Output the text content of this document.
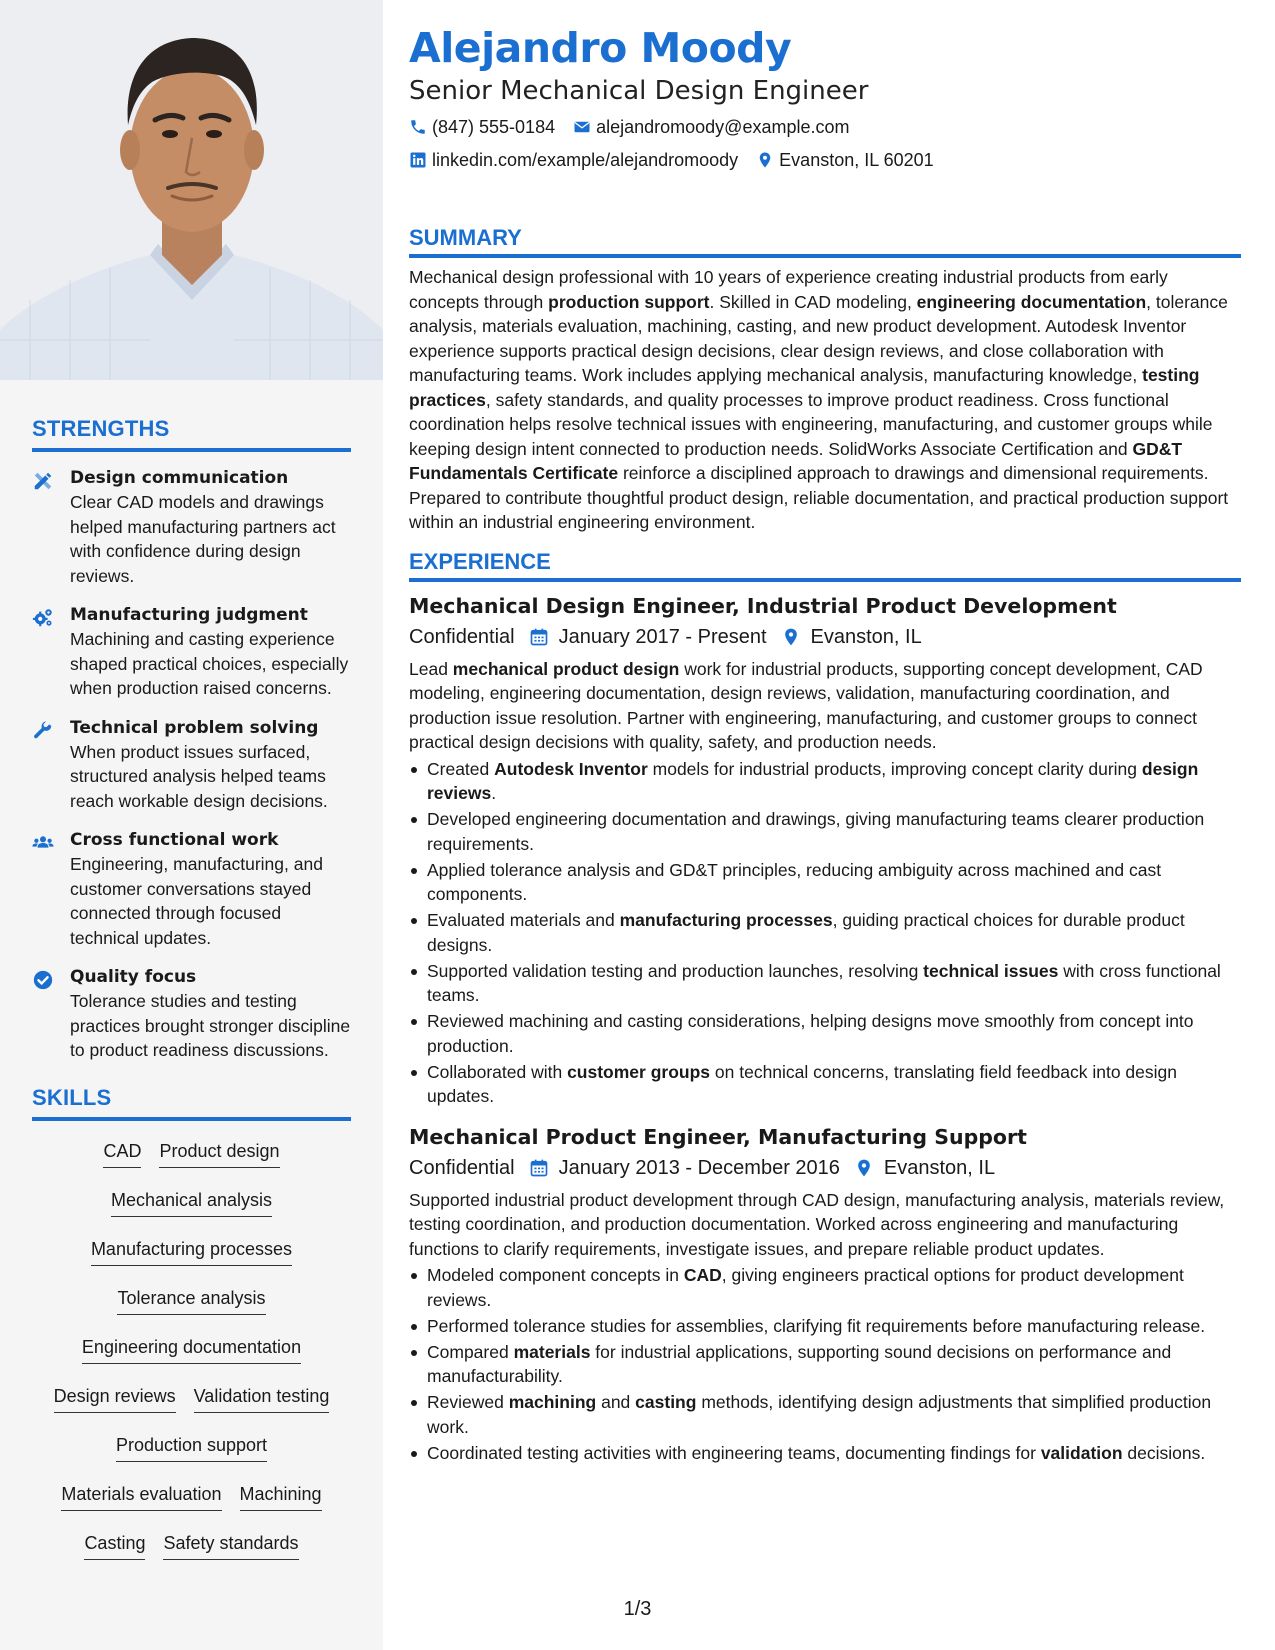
STRENGTHS
Design communication
Clear CAD models and drawings helped manufacturing partners act with confidence during design reviews.
Manufacturing judgment
Machining and casting experience shaped practical choices, especially when production raised concerns.
Technical problem solving
When product issues surfaced, structured analysis helped teams reach workable design decisions.
Cross functional work
Engineering, manufacturing, and customer conversations stayed connected through focused technical updates.
Quality focus
Tolerance studies and testing practices brought stronger discipline to product readiness discussions.
SKILLS
CAD Product design
Mechanical analysis
Manufacturing processes
Tolerance analysis
Engineering documentation
Design reviews Validation testing
Production support
Materials evaluation Machining
Casting Safety standards
Alejandro Moody
Senior Mechanical Design Engineer
(847) 555-0184 alejandromoody@example.com
linkedin.com/example/alejandromoody Evanston, IL 60201
SUMMARY

Mechanical design professional with 10 years of experience creating industrial products from early concepts through production support. Skilled in CAD modeling, engineering documentation, tolerance analysis, materials evaluation, machining, casting, and new product development. Autodesk Inventor experience supports practical design decisions, clear design reviews, and close collaboration with manufacturing teams. Work includes applying mechanical analysis, manufacturing knowledge, testing practices, safety standards, and quality processes to improve product readiness. Cross functional coordination helps resolve technical issues with engineering, manufacturing, and customer groups while keeping design intent connected to production needs. SolidWorks Associate Certification and GD&T Fundamentals Certificate reinforce a disciplined approach to drawings and dimensional requirements. Prepared to contribute thoughtful product design, reliable documentation, and practical production support within an industrial engineering environment.

EXPERIENCE
Mechanical Design Engineer, Industrial Product Development
Confidential January 2017 - Present Evanston, IL

Lead mechanical product design work for industrial products, supporting concept development, CAD modeling, engineering documentation, design reviews, validation, manufacturing coordination, and production issue resolution. Partner with engineering, manufacturing, and customer groups to connect practical design decisions with quality, safety, and production needs.

Created Autodesk Inventor models for industrial products, improving concept clarity during design reviews.
Developed engineering documentation and drawings, giving manufacturing teams clearer production requirements.
Applied tolerance analysis and GD&T principles, reducing ambiguity across machined and cast components.
Evaluated materials and manufacturing processes, guiding practical choices for durable product designs.
Supported validation testing and production launches, resolving technical issues with cross functional teams.
Reviewed machining and casting considerations, helping designs move smoothly from concept into production.
Collaborated with customer groups on technical concerns, translating field feedback into design updates.
Mechanical Product Engineer, Manufacturing Support
Confidential January 2013 - December 2016 Evanston, IL

Supported industrial product development through CAD design, manufacturing analysis, materials review, testing coordination, and production documentation. Worked across engineering and manufacturing functions to clarify requirements, investigate issues, and prepare reliable product updates.

Modeled component concepts in CAD, giving engineers practical options for product development reviews.
Performed tolerance studies for assemblies, clarifying fit requirements before manufacturing release.
Compared materials for industrial applications, supporting sound decisions on performance and manufacturability.
Reviewed machining and casting methods, identifying design adjustments that simplified production work.
Coordinated testing activities with engineering teams, documenting findings for validation decisions.
1/3
